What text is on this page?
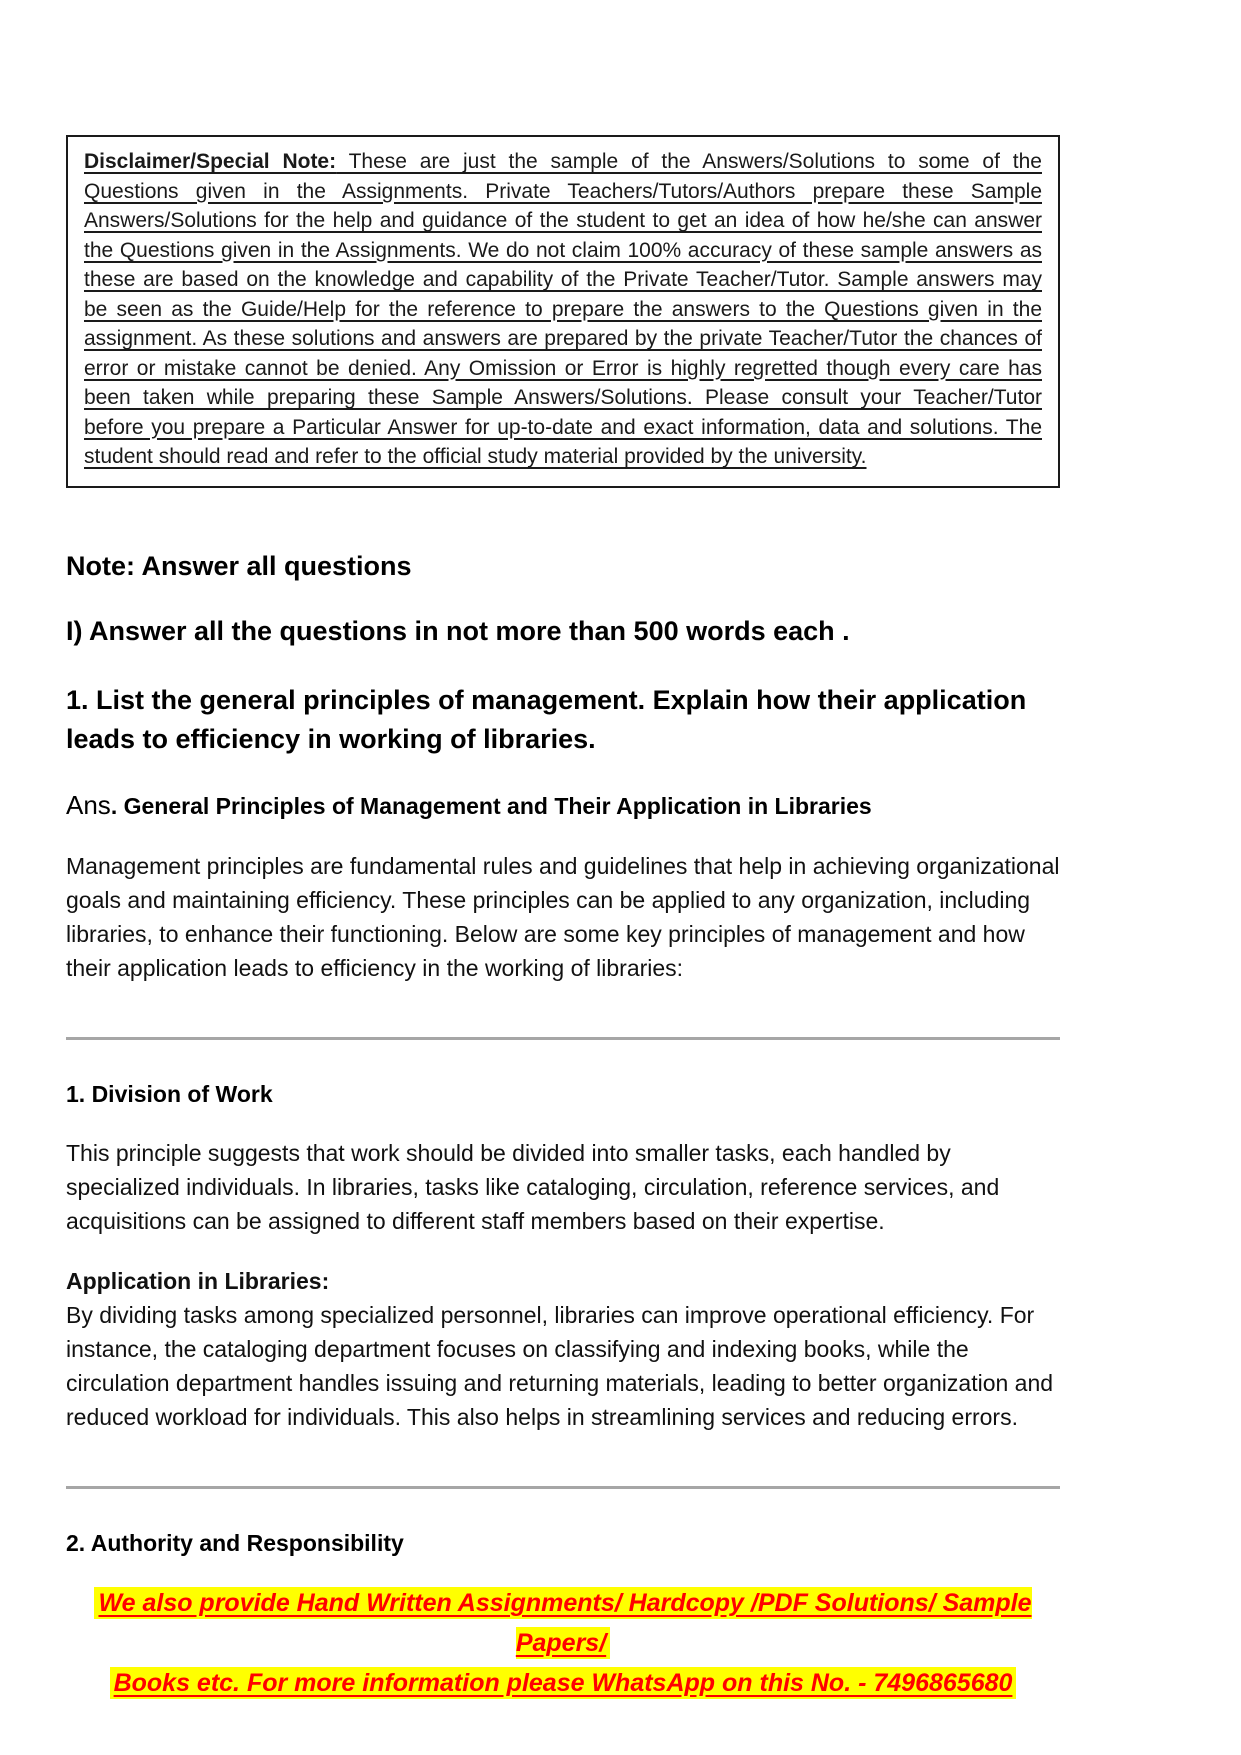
Disclaimer/Special Note: These are just the sample of the Answers/Solutions to some of the Questions given in the Assignments. Private Teachers/Tutors/Authors prepare these Sample Answers/Solutions for the help and guidance of the student to get an idea of how he/she can answer the Questions given in the Assignments. We do not claim 100% accuracy of these sample answers as these are based on the knowledge and capability of the Private Teacher/Tutor. Sample answers may be seen as the Guide/Help for the reference to prepare the answers to the Questions given in the assignment. As these solutions and answers are prepared by the private Teacher/Tutor the chances of error or mistake cannot be denied. Any Omission or Error is highly regretted though every care has been taken while preparing these Sample Answers/Solutions. Please consult your Teacher/Tutor before you prepare a Particular Answer for up-to-date and exact information, data and solutions. The student should read and refer to the official study material provided by the university.

Note: Answer all questions
I) Answer all the questions in not more than 500 words each .
1. List the general principles of management. Explain how their application leads to efficiency in working of libraries.

Ans. General Principles of Management and Their Application in Libraries

Management principles are fundamental rules and guidelines that help in achieving organizational goals and maintaining efficiency. These principles can be applied to any organization, including libraries, to enhance their functioning. Below are some key principles of management and how their application leads to efficiency in the working of libraries:

1. Division of Work

This principle suggests that work should be divided into smaller tasks, each handled by specialized individuals. In libraries, tasks like cataloging, circulation, reference services, and acquisitions can be assigned to different staff members based on their expertise.

Application in Libraries:
By dividing tasks among specialized personnel, libraries can improve operational efficiency. For instance, the cataloging department focuses on classifying and indexing books, while the circulation department handles issuing and returning materials, leading to better organization and reduced workload for individuals. This also helps in streamlining services and reducing errors.

2. Authority and Responsibility
We also provide Hand Written Assignments/ Hardcopy /PDF Solutions/ Sample Papers/
Books etc. For more information please WhatsApp on this No. - 7496865680
